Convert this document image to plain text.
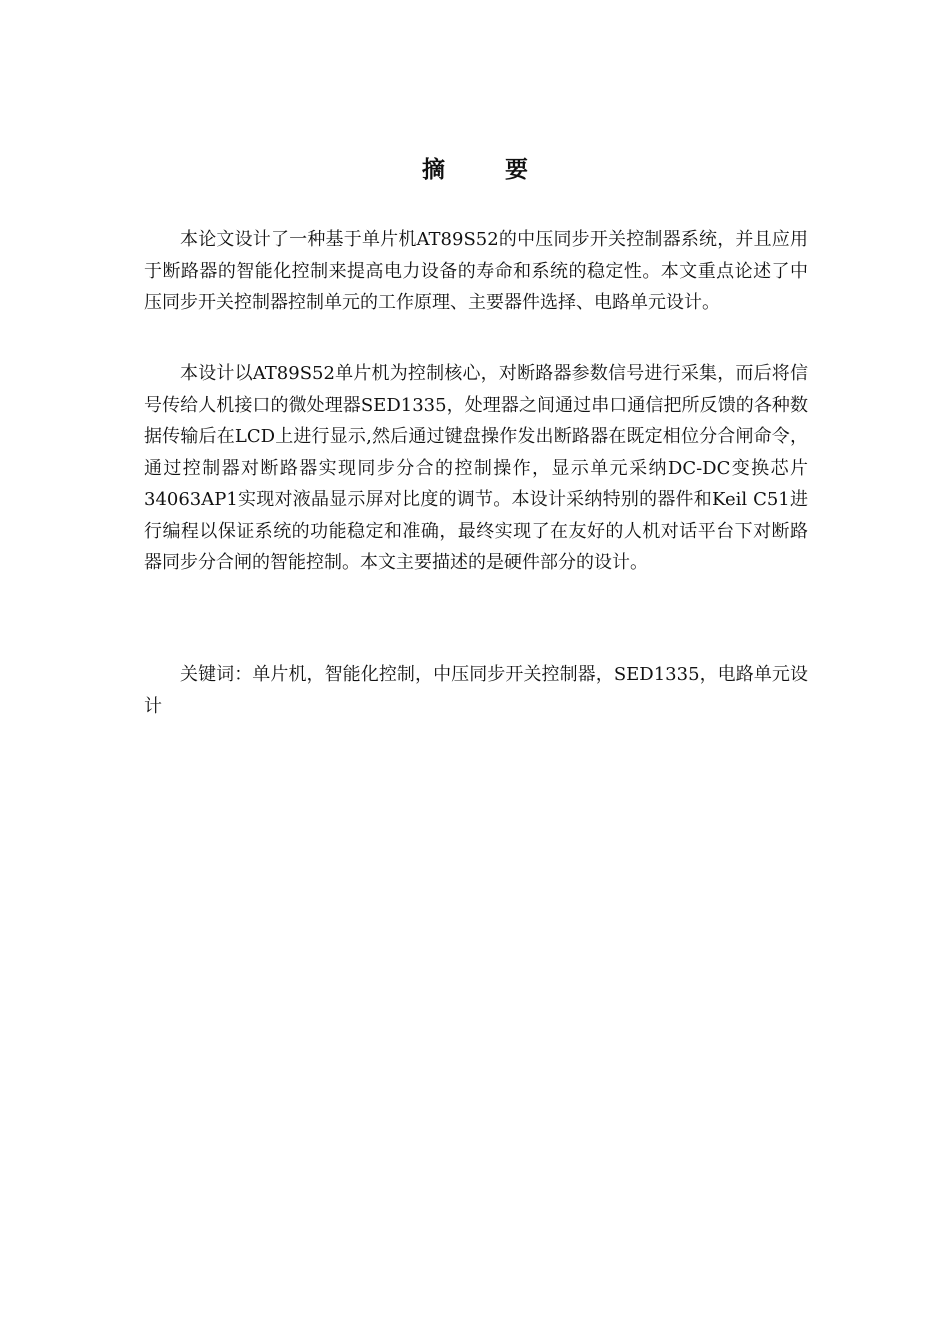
摘 要

本论文设计了一种基于单片机AT89S52的中压同步开关控制器系统，并且应用于断路器的智能化控制来提高电力设备的寿命和系统的稳定性。本文重点论述了中压同步开关控制器控制单元的工作原理、主要器件选择、电路单元设计。

本设计以AT89S52单片机为控制核心，对断路器参数信号进行采集，而后将信号传给人机接口的微处理器SED1335，处理器之间通过串口通信把所反馈的各种数据传输后在LCD上进行显示,然后通过键盘操作发出断路器在既定相位分合闸命令，通过控制器对断路器实现同步分合的控制操作，显示单元采纳DC-DC变换芯片34063AP1实现对液晶显示屏对比度的调节。本设计采纳特别的器件和Keil C51进行编程以保证系统的功能稳定和准确，最终实现了在友好的人机对话平台下对断路器同步分合闸的智能控制。本文主要描述的是硬件部分的设计。

关键词：单片机，智能化控制，中压同步开关控制器，SED1335，电路单元设计
